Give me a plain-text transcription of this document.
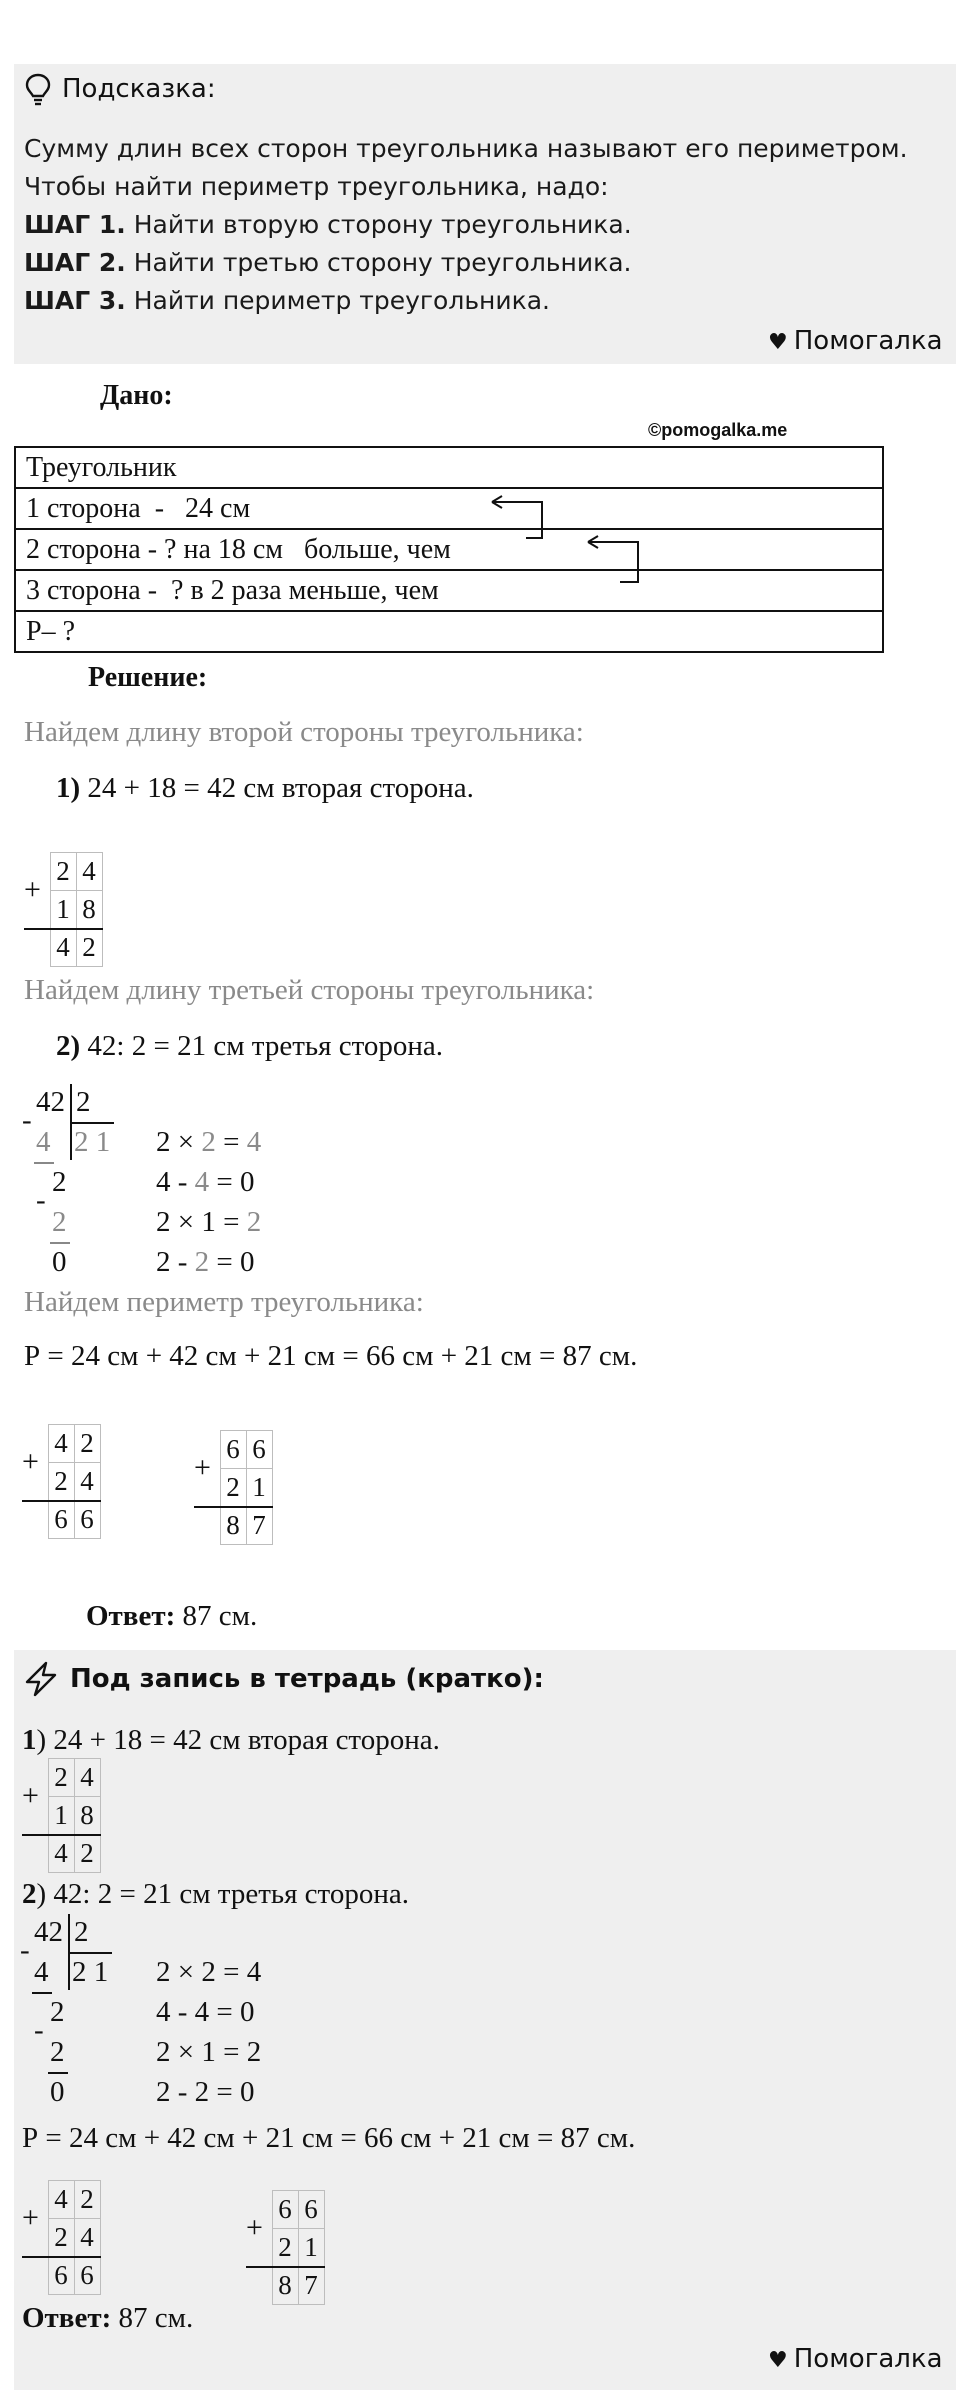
Подсказка:
Сумму длин всех сторон треугольника называют его периметром.
Чтобы найти периметр треугольника, надо:
ШАГ 1. Найти вторую сторону треугольника.
ШАГ 2. Найти третью сторону треугольника.
ШАГ 3. Найти периметр треугольника.
♥ Помогалка
Дано:
©pomogalka.me
Треугольник
1 сторона  -   24 см
2 сторона - ? на 18 см   больше, чем
3 сторона -  ? в 2 раза меньше, чем
Р– ?
Решение:
Найдем длину второй стороны треугольника:
1) 24 + 18 = 42 см вторая сторона.
+	2	4
	1	8
	4	2
Найдем длину третьей стороны треугольника:
2) 42: 2 = 21 см третья сторона.
42 2
-
4 2 1
2
-
2
0
2 × 2 = 4
4 - 4 = 0
2 × 1 = 2
2 - 2 = 0
Найдем периметр треугольника:
Р = 24 см + 42 см + 21 см = 66 см + 21 см = 87 см.
+	4	2
	2	4
	6	6
+	6	6
	2	1
	8	7
Ответ: 87 см.
Под запись в тетрадь (кратко):
1) 24 + 18 = 42 см вторая сторона.
+	2	4
	1	8
	4	2
2) 42: 2 = 21 см третья сторона.
42 2
-
4 2 1
2
-
2
0
2 × 2 = 4
4 - 4 = 0
2 × 1 = 2
2 - 2 = 0
Р = 24 см + 42 см + 21 см = 66 см + 21 см = 87 см.
+	4	2
	2	4
	6	6
+	6	6
	2	1
	8	7
Ответ: 87 см.
♥ Помогалка
